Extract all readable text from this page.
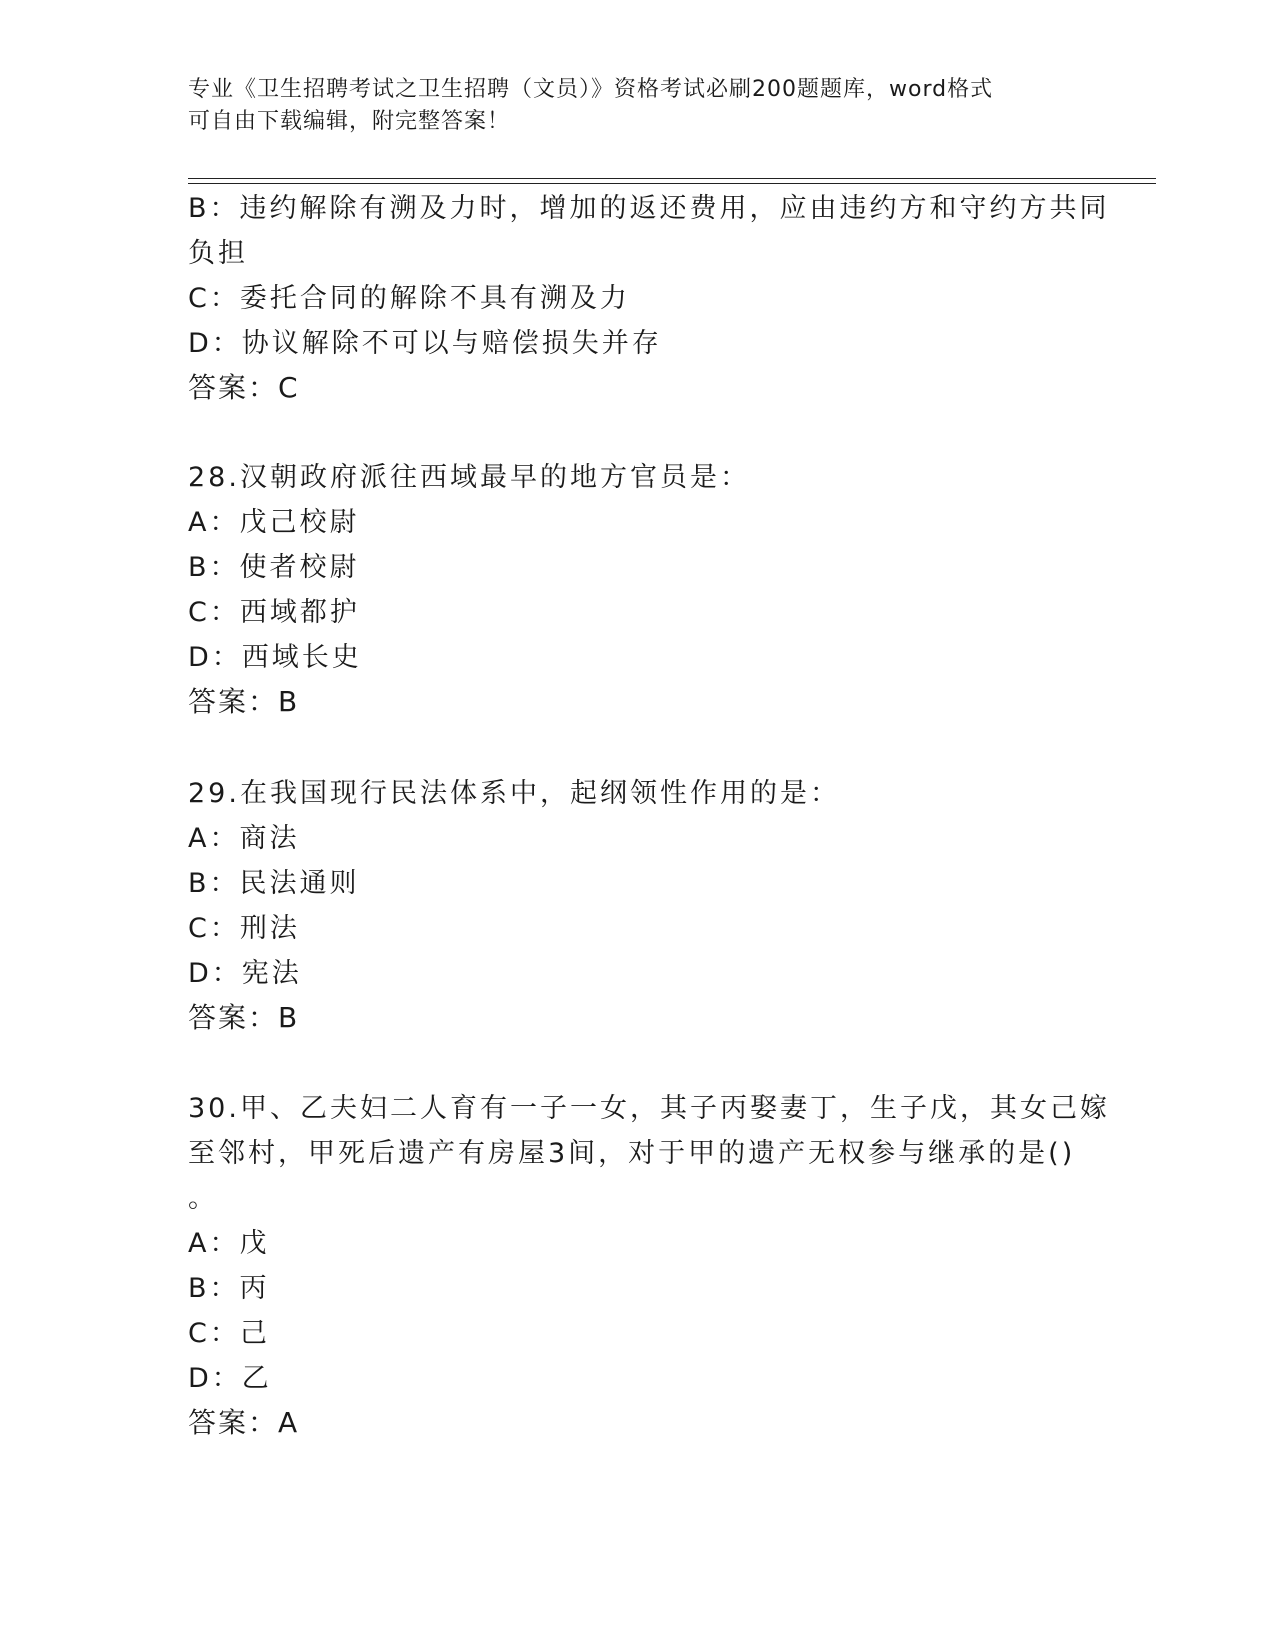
专业《卫生招聘考试之卫生招聘（文员）》资格考试必刷200题题库，word格式
可自由下载编辑，附完整答案！
B：违约解除有溯及力时，增加的返还费用，应由违约方和守约方共同
负担
C：委托合同的解除不具有溯及力
D：协议解除不可以与赔偿损失并存
答案：C
28.汉朝政府派往西域最早的地方官员是：
A：戊己校尉
B：使者校尉
C：西域都护
D：西域长史
答案：B
29.在我国现行民法体系中，起纲领性作用的是：
A：商法
B：民法通则
C：刑法
D：宪法
答案：B
30.甲、乙夫妇二人育有一子一女，其子丙娶妻丁，生子戊，其女己嫁
至邻村，甲死后遗产有房屋3间，对于甲的遗产无权参与继承的是()
。
A：戊
B：丙
C：己
D：乙
答案：A
